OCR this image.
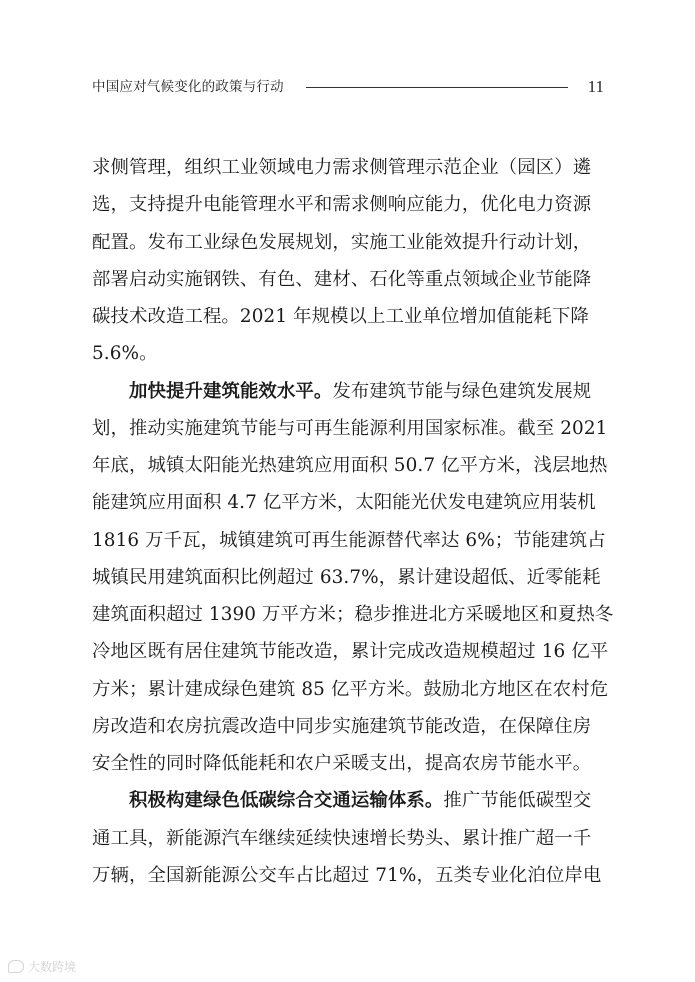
中国应对气候变化的政策与行动	11
求侧管理，组织工业领域电力需求侧管理示范企业（园区）遴
选，支持提升电能管理水平和需求侧响应能力，优化电力资源
配置。发布工业绿色发展规划，实施工业能效提升行动计划，
部署启动实施钢铁、有色、建材、石化等重点领域企业节能降
碳技术改造工程。2021 年规模以上工业单位增加值能耗下降
5.6%。
加快提升建筑能效水平。发布建筑节能与绿色建筑发展规
划，推动实施建筑节能与可再生能源利用国家标准。截至 2021
年底，城镇太阳能光热建筑应用面积 50.7 亿平方米，浅层地热
能建筑应用面积 4.7 亿平方米，太阳能光伏发电建筑应用装机
1816 万千瓦，城镇建筑可再生能源替代率达 6%；节能建筑占
城镇民用建筑面积比例超过 63.7%，累计建设超低、近零能耗
建筑面积超过 1390 万平方米；稳步推进北方采暖地区和夏热冬
冷地区既有居住建筑节能改造，累计完成改造规模超过 16 亿平
方米；累计建成绿色建筑 85 亿平方米。鼓励北方地区在农村危
房改造和农房抗震改造中同步实施建筑节能改造，在保障住房
安全性的同时降低能耗和农户采暖支出，提高农房节能水平。
积极构建绿色低碳综合交通运输体系。推广节能低碳型交
通工具，新能源汽车继续延续快速增长势头、累计推广超一千
万辆，全国新能源公交车占比超过 71%，五类专业化泊位岸电
大数跨境
